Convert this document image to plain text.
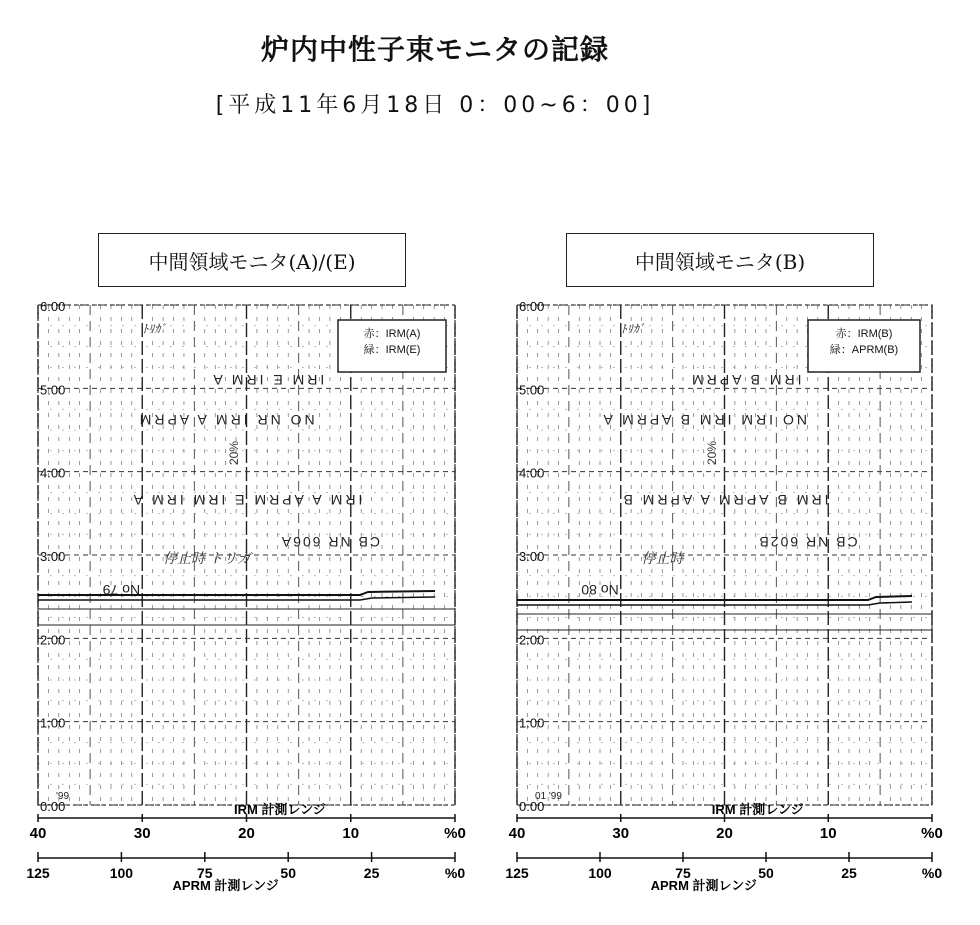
炉内中性子束モニタの記録
[平成11年6月18日 0：00~6：00]
中間領域モニタ(A)/(E)	中間領域モニタ(B)
6:00
5:00
4:00
3:00
2:00
1:00
0:00
IRM E IRM A
NO NR IRM A APRM
IRM A APRM E IRM IRM A
CB NR 606A
No 79
停止時 トリガ
ﾄﾘｶﾞ
'99
20%
赤：IRM(A)
緑：IRM(E)
40	30	20	10	%0
IRM 計測レンジ
125	100	75	50	25	%0
APRM 計測レンジ
6:00
5:00
4:00
3:00
2:00
1:00
0:00
IRM B APRM
NO IRM IRM B APRM A
IRM B APRM A APRM B
CB NR 602B
No 80
停止時
ﾄﾘｶﾞ
01 '99
20%
赤：IRM(B)
緑：APRM(B)
40	30	20	10	%0
IRM 計測レンジ
125	100	75	50	25	%0
APRM 計測レンジ
